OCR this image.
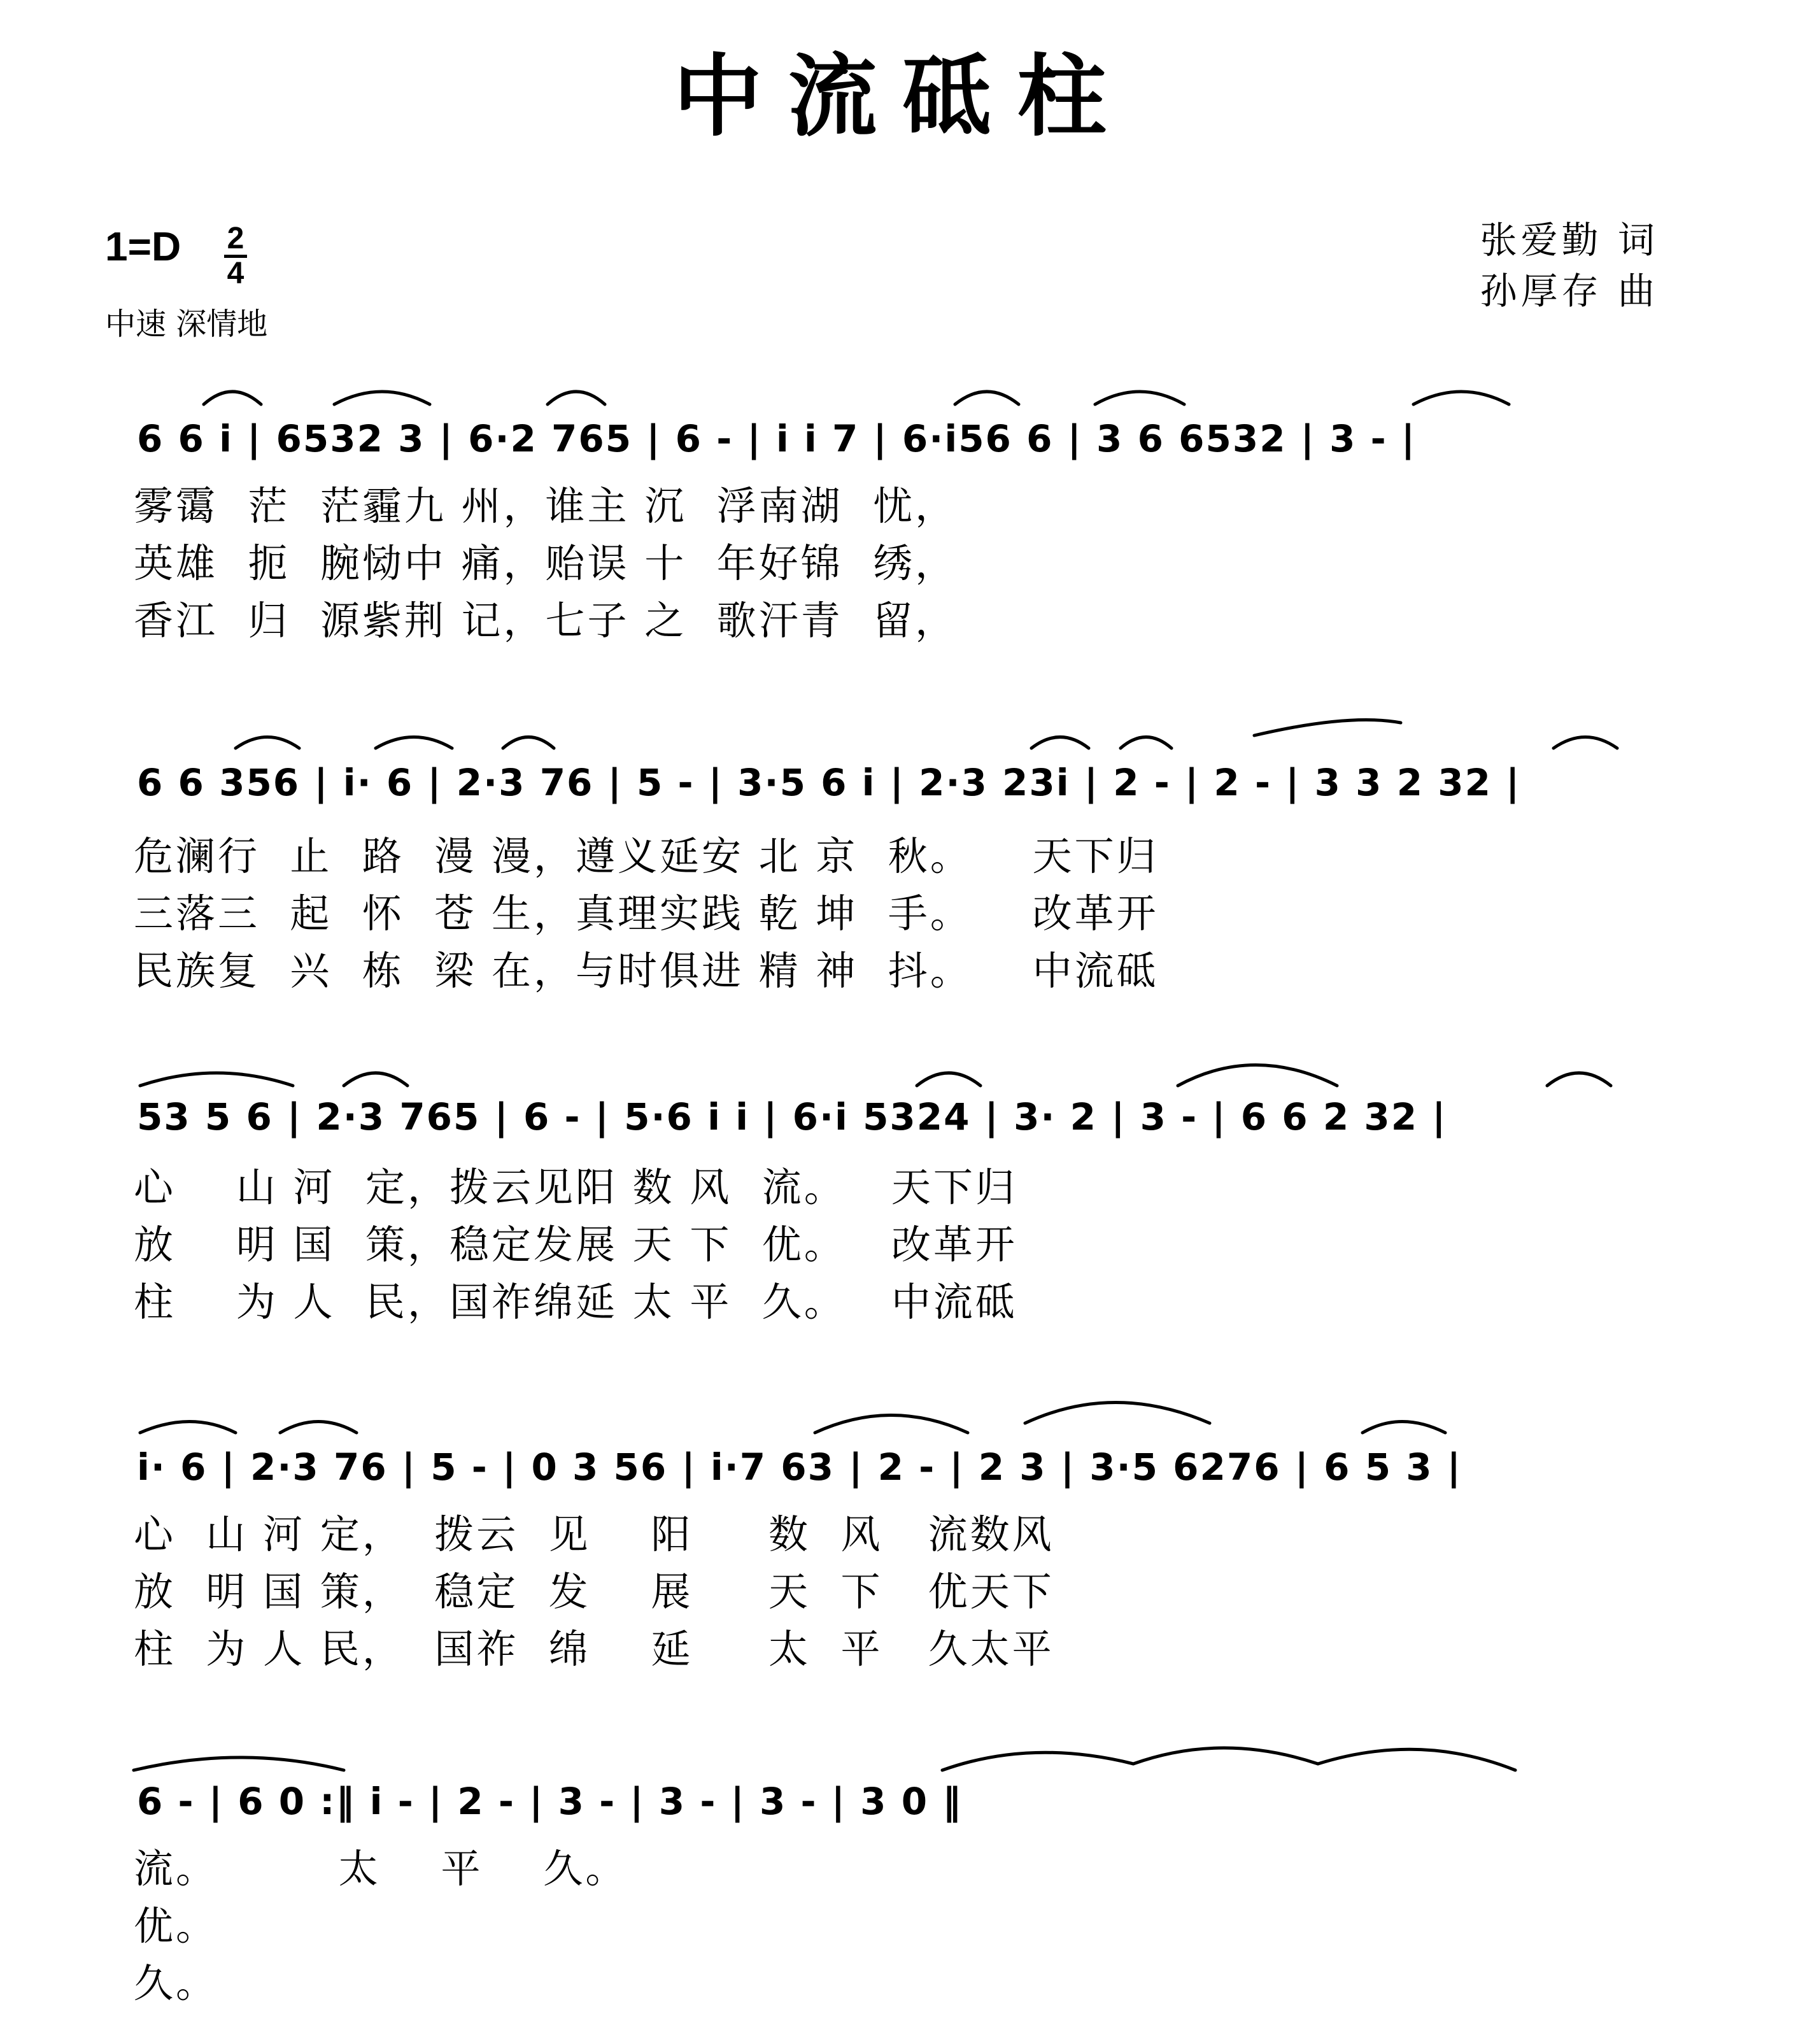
中流砥柱
1=D 2
4
中速 深情地
张爱勤 词
孙厚存 曲
6 6 i | 6532 3 | 6·2 765 | 6 - | i i 7 | 6·i56 6 | 3 6 6532 | 3 - |
雾霭  茫  茫霾九 州，谁主 沉  浮南湖  忧，
英雄  扼  腕恸中 痛，贻误 十  年好锦  绣，
香江  归  源紫荆 记，七子 之  歌汗青  留，
6 6 356 | i· 6 | 2·3 76 | 5 - | 3·5 6 i | 2·3 23i | 2 - | 2 - | 3 3 2 32 |
危澜行  止  路  漫 漫，遵义延安 北 京  秋。    天下归
三落三  起  怀  苍 生，真理实践 乾 坤  手。    改革开
民族复  兴  栋  梁 在，与时俱进 精 神  抖。    中流砥
53 5 6 | 2·3 765 | 6 - | 5·6 i i | 6·i 5324 | 3· 2 | 3 - | 6 6 2 32 |
心    山 河  定，拨云见阳 数 风  流。   天下归
放    明 国  策，稳定发展 天 下  优。   改革开
柱    为 人  民，国祚绵延 太 平  久。   中流砥
i· 6 | 2·3 76 | 5 - | 0 3 56 | i·7 63 | 2 - | 2 3 | 3·5 6276 | 6 5 3 |
心  山 河 定，  拨云  见    阳     数  风   流数风
放  明 国 策，  稳定  发    展     天  下   优天下
柱  为 人 民，  国祚  绵    延     太  平   久太平
6 - | 6 0 :‖ i - | 2 - | 3 - | 3 - | 3 - | 3 0 ‖
流。        太    平    久。
优。
久。
